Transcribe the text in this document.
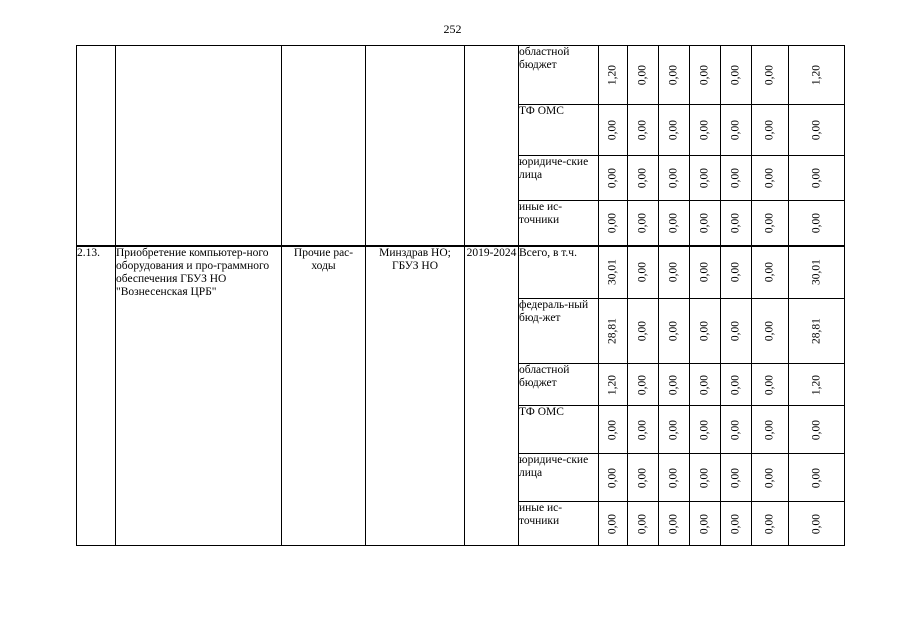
252
					областной бюджет	1,20	0,00	0,00	0,00	0,00	0,00	1,20

					ТФ ОМС	0,00	0,00	0,00	0,00	0,00	0,00	0,00

					юридиче-ские лица	0,00	0,00	0,00	0,00	0,00	0,00	0,00

					иные ис-точники	0,00	0,00	0,00	0,00	0,00	0,00	0,00

2.13.	Приобретение компьютер-ного оборудования и про-граммного обеспечения ГБУЗ НО "Вознесенская ЦРБ"	Прочие рас-ходы	Минздрав НО; ГБУЗ НО	2019-2024	Всего, в т.ч.	30,01	0,00	0,00	0,00	0,00	0,00	30,01

					федераль-ный бюд-жет	28,81	0,00	0,00	0,00	0,00	0,00	28,81

					областной бюджет	1,20	0,00	0,00	0,00	0,00	0,00	1,20

					ТФ ОМС	0,00	0,00	0,00	0,00	0,00	0,00	0,00

					юридиче-ские лица	0,00	0,00	0,00	0,00	0,00	0,00	0,00

					иные ис-точники	0,00	0,00	0,00	0,00	0,00	0,00	0,00
